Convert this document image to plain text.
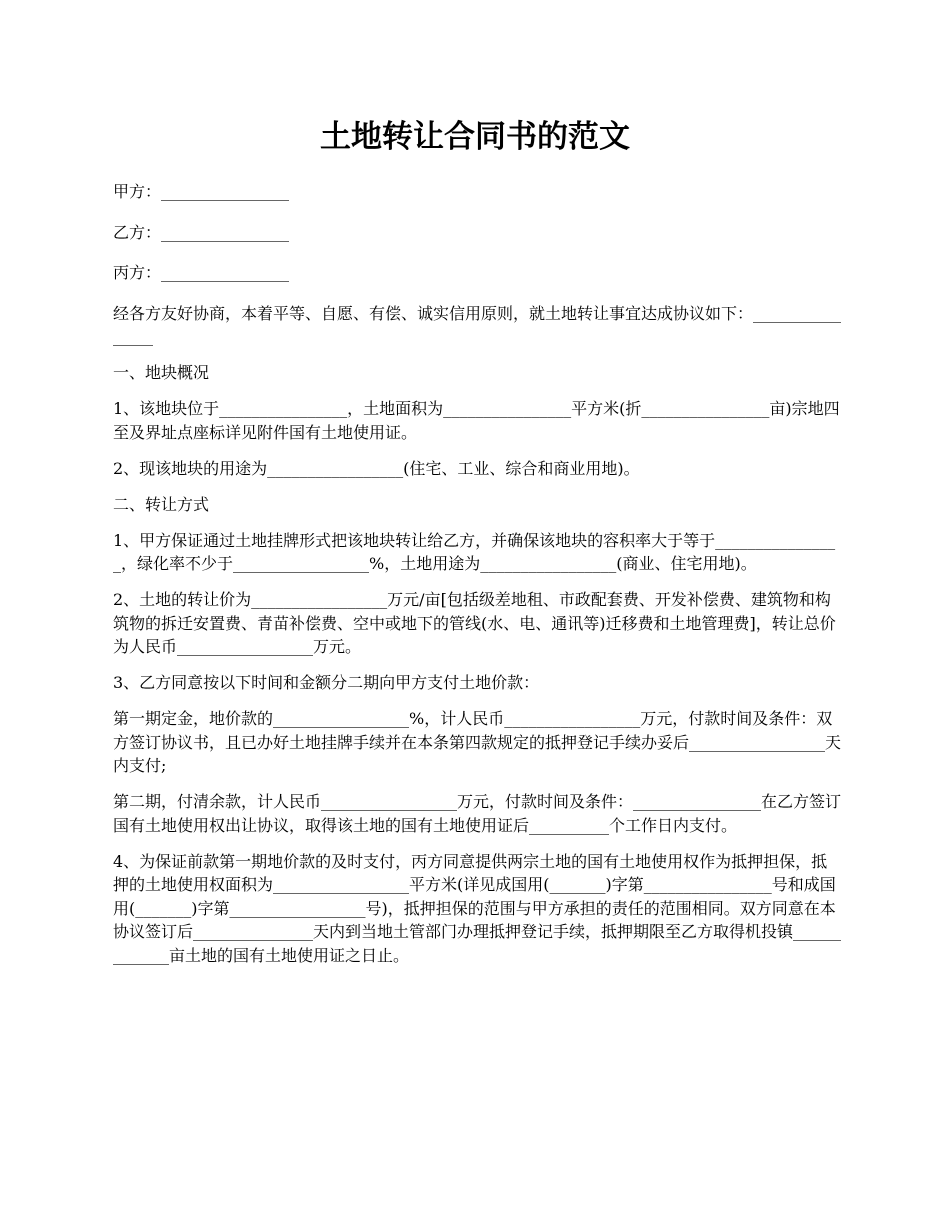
土地转让合同书的范文

甲方：________________

乙方：________________

丙方：________________

经各方友好协商，本着平等、自愿、有偿、诚实信用原则，就土地转让事宜达成协议如下：________________

一、地块概况

1、该地块位于________________，土地面积为________________平方米(折________________亩)宗地四至及界址点座标详见附件国有土地使用证。

2、现该地块的用途为_________________(住宅、工业、综合和商业用地)。

二、转让方式

1、甲方保证通过土地挂牌形式把该地块转让给乙方，并确保该地块的容积率大于等于________________，绿化率不少于_________________%，土地用途为_________________(商业、住宅用地)。

2、土地的转让价为_________________万元/亩[包括级差地租、市政配套费、开发补偿费、建筑物和构筑物的拆迁安置费、青苗补偿费、空中或地下的管线(水、电、通讯等)迁移费和土地管理费]，转让总价为人民币_________________万元。

3、乙方同意按以下时间和金额分二期向甲方支付土地价款：

第一期定金，地价款的_________________%，计人民币_________________万元，付款时间及条件：双方签订协议书，且已办好土地挂牌手续并在本条第四款规定的抵押登记手续办妥后_________________天内支付;

第二期，付清余款，计人民币_________________万元，付款时间及条件：________________在乙方签订国有土地使用权出让协议，取得该土地的国有土地使用证后__________个工作日内支付。

4、为保证前款第一期地价款的及时支付，丙方同意提供两宗土地的国有土地使用权作为抵押担保，抵押的土地使用权面积为_________________平方米(详见成国用(_______)字第________________号和成国用(_______)字第_________________号)，抵押担保的范围与甲方承担的责任的范围相同。双方同意在本协议签订后_______________天内到当地土管部门办理抵押登记手续，抵押期限至乙方取得机投镇_____________亩土地的国有土地使用证之日止。
